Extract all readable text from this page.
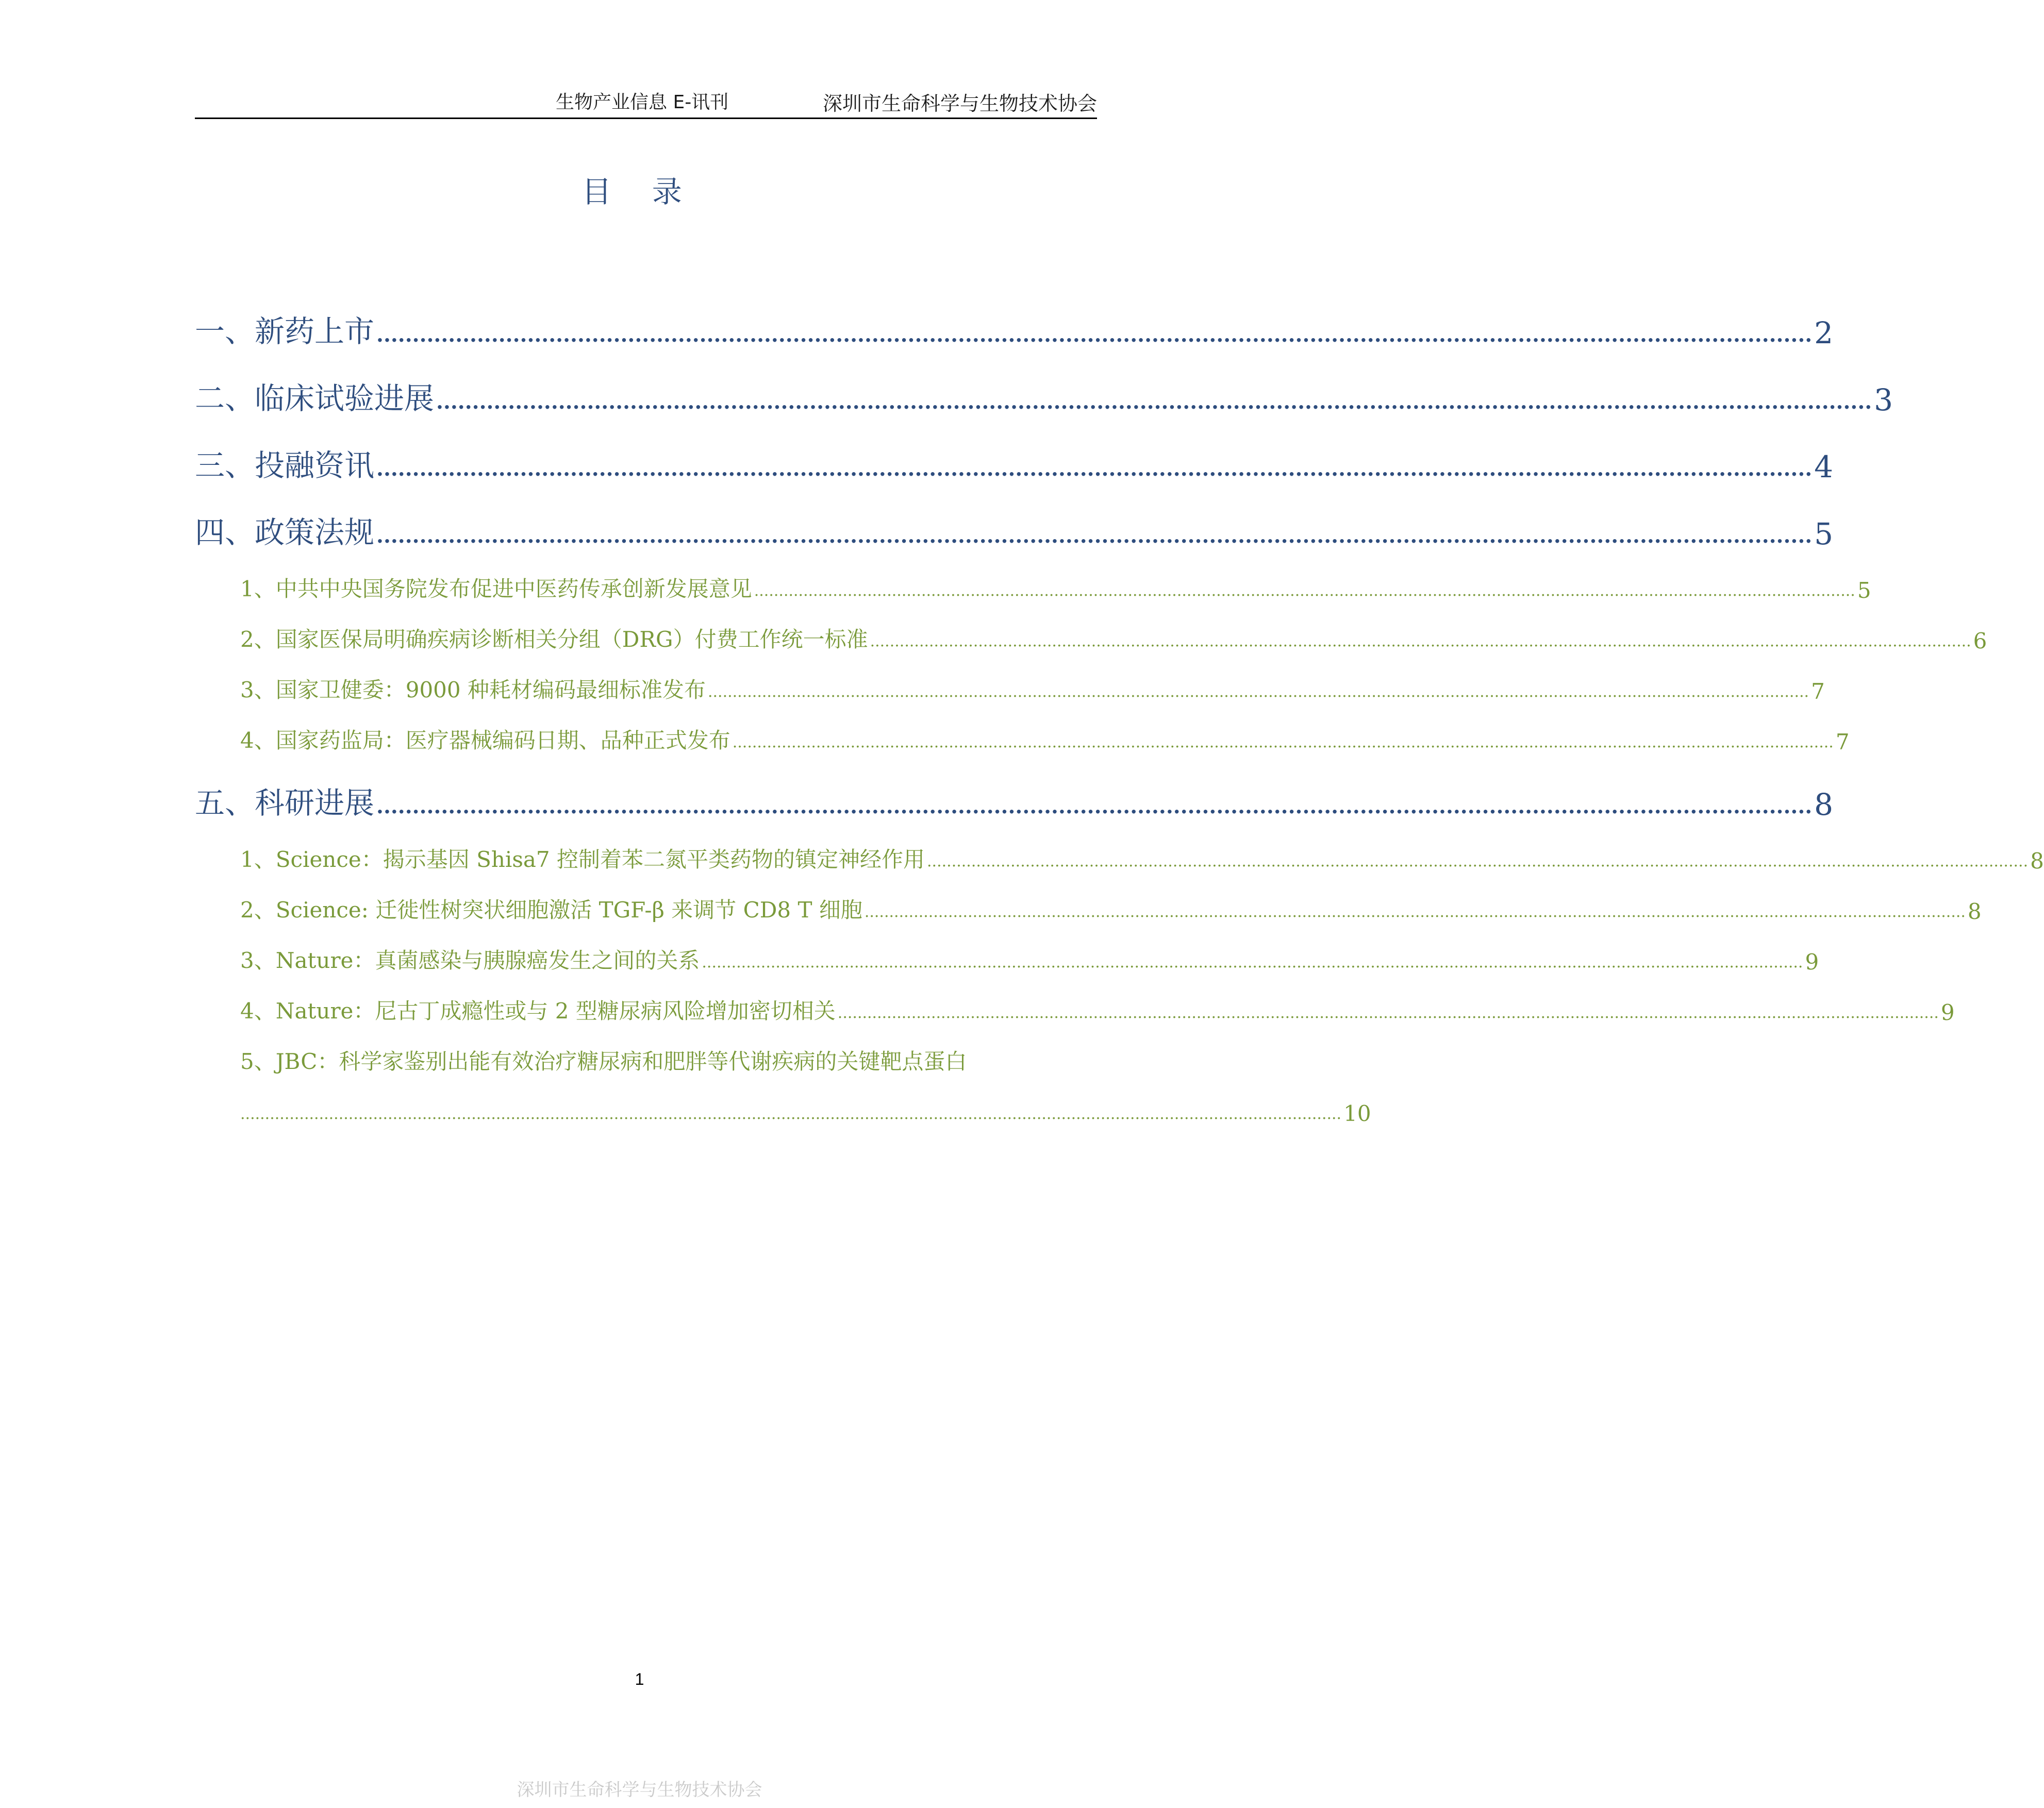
生物产业信息 E-讯刊	深圳市生命科学与生物技术协会
目 录
一、新药上市 ........................................................................................................................................................................................................ 2
二、临床试验进展 ........................................................................................................................................................................................................ 3
三、投融资讯 ........................................................................................................................................................................................................ 4
四、政策法规 ........................................................................................................................................................................................................ 5
1、中共中央国务院发布促进中医药传承创新发展意见 ................................................................................................................................................................................................................................ 5
2、国家医保局明确疾病诊断相关分组（DRG）付费工作统一标准 ................................................................................................................................................................................................................................ 6
3、国家卫健委：9000 种耗材编码最细标准发布 ................................................................................................................................................................................................................................ 7
4、国家药监局：医疗器械编码日期、品种正式发布 ................................................................................................................................................................................................................................ 7
五、科研进展 ........................................................................................................................................................................................................ 8
1、Science：揭示基因 Shisa7 控制着苯二氮平类药物的镇定神经作用 ................................................................................................................................................................................................................................ 8
2、Science: 迁徙性树突状细胞激活 TGF-β 来调节 CD8 T 细胞 ................................................................................................................................................................................................................................ 8
3、Nature：真菌感染与胰腺癌发生之间的关系 ................................................................................................................................................................................................................................ 9
4、Nature：尼古丁成瘾性或与 2 型糖尿病风险增加密切相关 ................................................................................................................................................................................................................................ 9
5、JBC：科学家鉴别出能有效治疗糖尿病和肥胖等代谢疾病的关键靶点蛋白
................................................................................................................................................................................................................................ 10
1
深圳市生命科学与生物技术协会
